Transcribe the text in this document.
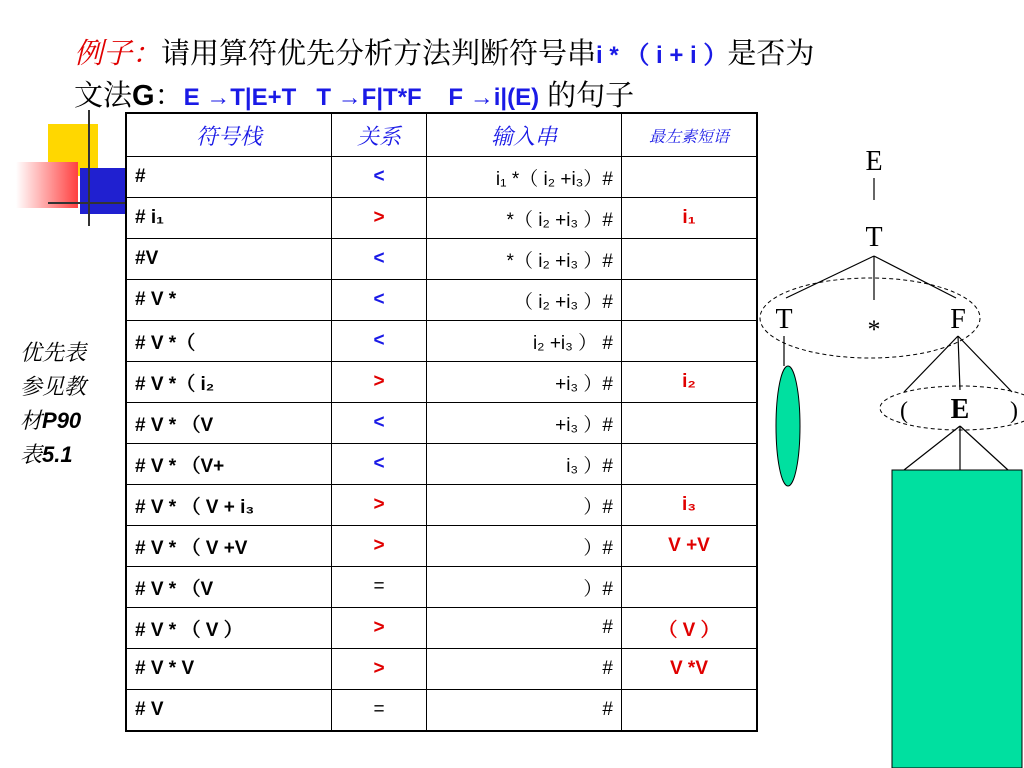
例子：请用算符优先分析方法判断符号串i * （ i + i ）是否为
文法G：E →T|E+T   T →F|T*F    F →i|(E) 的句子
优先表
参见教
材P90
表5.1
符号栈	关系	输入串	最左素短语
#	<	i₁ *（ i₂ +i₃）#	
# i₁	>	*（ i₂ +i₃ ）#	i₁
#V	<	*（ i₂ +i₃ ）#	
# V *	<	（ i₂ +i₃ ）#	
# V *（	<	i₂ +i₃ ） #	
# V *（ i₂	>	+i₃ ）#	i₂
# V * （V	<	+i₃ ）#	
# V * （V+	<	i₃ ）#	
# V * （ V + i₃	>	）#	i₃
# V * （ V +V	>	）#	V +V
# V * （V	=	）#	
# V * （ V ）	>	#	（ V ）
# V * V	>	#	V *V
# V	=	#	
E
T
T	* F
( E )
